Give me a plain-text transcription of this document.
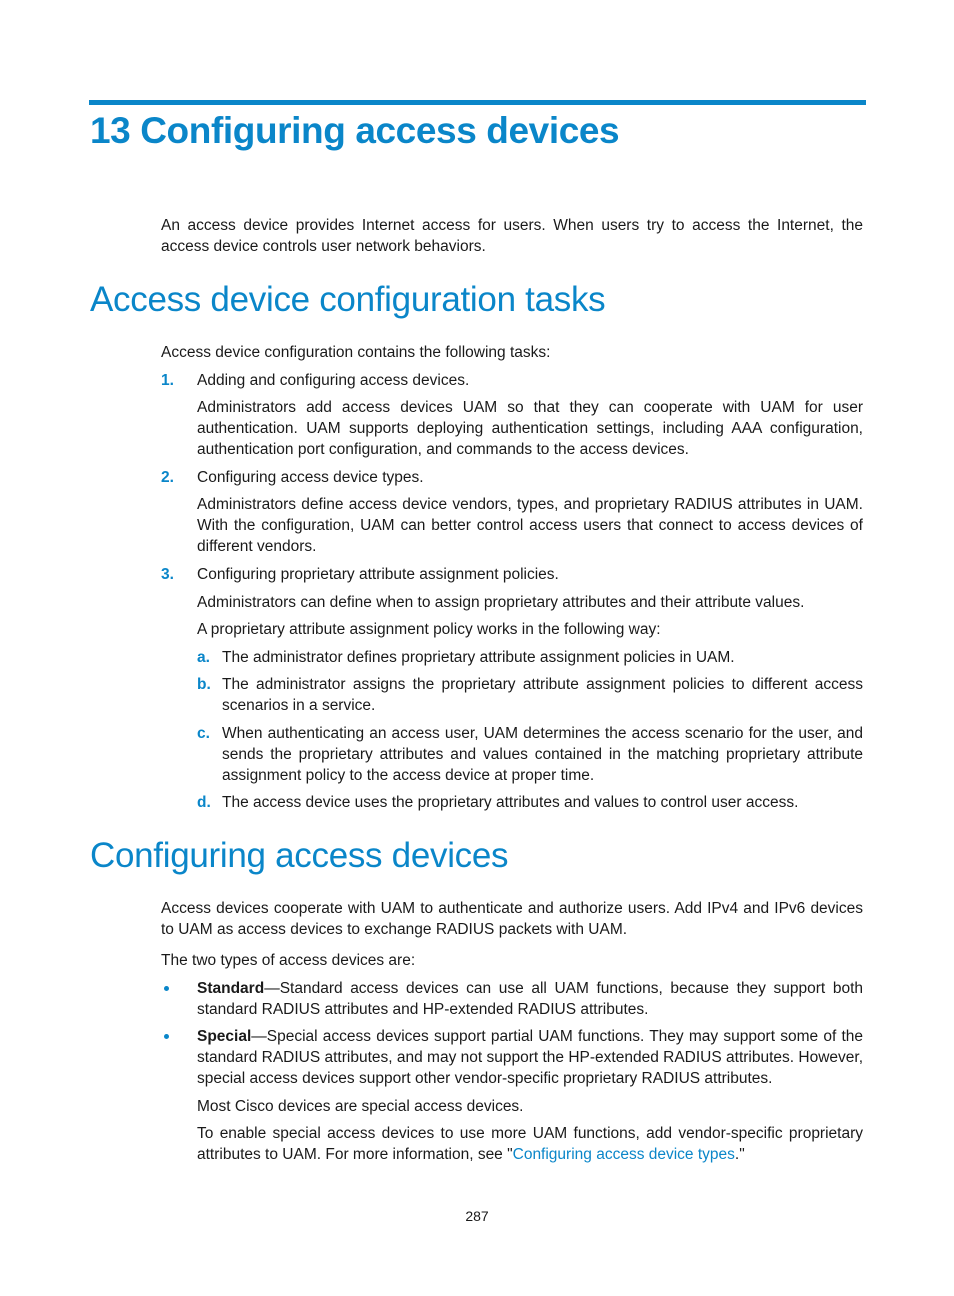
13 Configuring access devices

An access device provides Internet access for users. When users try to access the Internet, the access device controls user network behaviors.

Access device configuration tasks

Access device configuration contains the following tasks:

1. Adding and configuring access devices.

Administrators add access devices UAM so that they can cooperate with UAM for user authentication. UAM supports deploying authentication settings, including AAA configuration, authentication port configuration, and commands to the access devices.

2. Configuring access device types.

Administrators define access device vendors, types, and proprietary RADIUS attributes in UAM. With the configuration, UAM can better control access users that connect to access devices of different vendors.

3. Configuring proprietary attribute assignment policies.

Administrators can define when to assign proprietary attributes and their attribute values.

A proprietary attribute assignment policy works in the following way:

a. The administrator defines proprietary attribute assignment policies in UAM.

b. The administrator assigns the proprietary attribute assignment policies to different access scenarios in a service.

c. When authenticating an access user, UAM determines the access scenario for the user, and sends the proprietary attributes and values contained in the matching proprietary attribute assignment policy to the access device at proper time.

d. The access device uses the proprietary attributes and values to control user access.

Configuring access devices

Access devices cooperate with UAM to authenticate and authorize users. Add IPv4 and IPv6 devices to UAM as access devices to exchange RADIUS packets with UAM.

The two types of access devices are:

Standard—Standard access devices can use all UAM functions, because they support both standard RADIUS attributes and HP-extended RADIUS attributes.

Special—Special access devices support partial UAM functions. They may support some of the standard RADIUS attributes, and may not support the HP-extended RADIUS attributes. However, special access devices support other vendor-specific proprietary RADIUS attributes.

Most Cisco devices are special access devices.

To enable special access devices to use more UAM functions, add vendor-specific proprietary attributes to UAM. For more information, see "Configuring access device types."

287
